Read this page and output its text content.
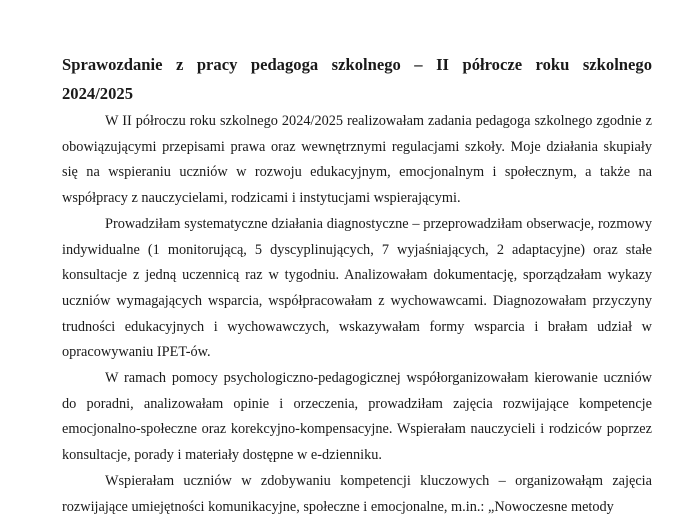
Sprawozdanie z pracy pedagoga szkolnego – II półrocze roku szkolnego 2024/2025

W II półroczu roku szkolnego 2024/2025 realizowałam zadania pedagoga szkolnego zgodnie z obowiązującymi przepisami prawa oraz wewnętrznymi regulacjami szkoły. Moje działania skupiały się na wspieraniu uczniów w rozwoju edukacyjnym, emocjonalnym i społecznym, a także na współpracy z nauczycielami, rodzicami i instytucjami wspierającymi.

Prowadziłam systematyczne działania diagnostyczne – przeprowadziłam obserwacje, rozmowy indywidualne (1 monitorującą, 5 dyscyplinujących, 7 wyjaśniających, 2 adaptacyjne) oraz stałe konsultacje z jedną uczennicą raz w tygodniu. Analizowałam dokumentację, sporządzałam wykazy uczniów wymagających wsparcia, współpracowałam z wychowawcami. Diagnozowałam przyczyny trudności edukacyjnych i wychowawczych, wskazywałam formy wsparcia i brałam udział w opracowywaniu IPET-ów.

W ramach pomocy psychologiczno-pedagogicznej współorganizowałam kierowanie uczniów do poradni, analizowałam opinie i orzeczenia, prowadziłam zajęcia rozwijające kompetencje emocjonalno-społeczne oraz korekcyjno-kompensacyjne. Wspierałam nauczycieli i rodziców poprzez konsultacje, porady i materiały dostępne w e-dzienniku.

Wspierałam uczniów w zdobywaniu kompetencji kluczowych – organizowałąm zajęcia rozwijające umiejętności komunikacyjne, społeczne i emocjonalne, m.in.: „Nowoczesne metody
